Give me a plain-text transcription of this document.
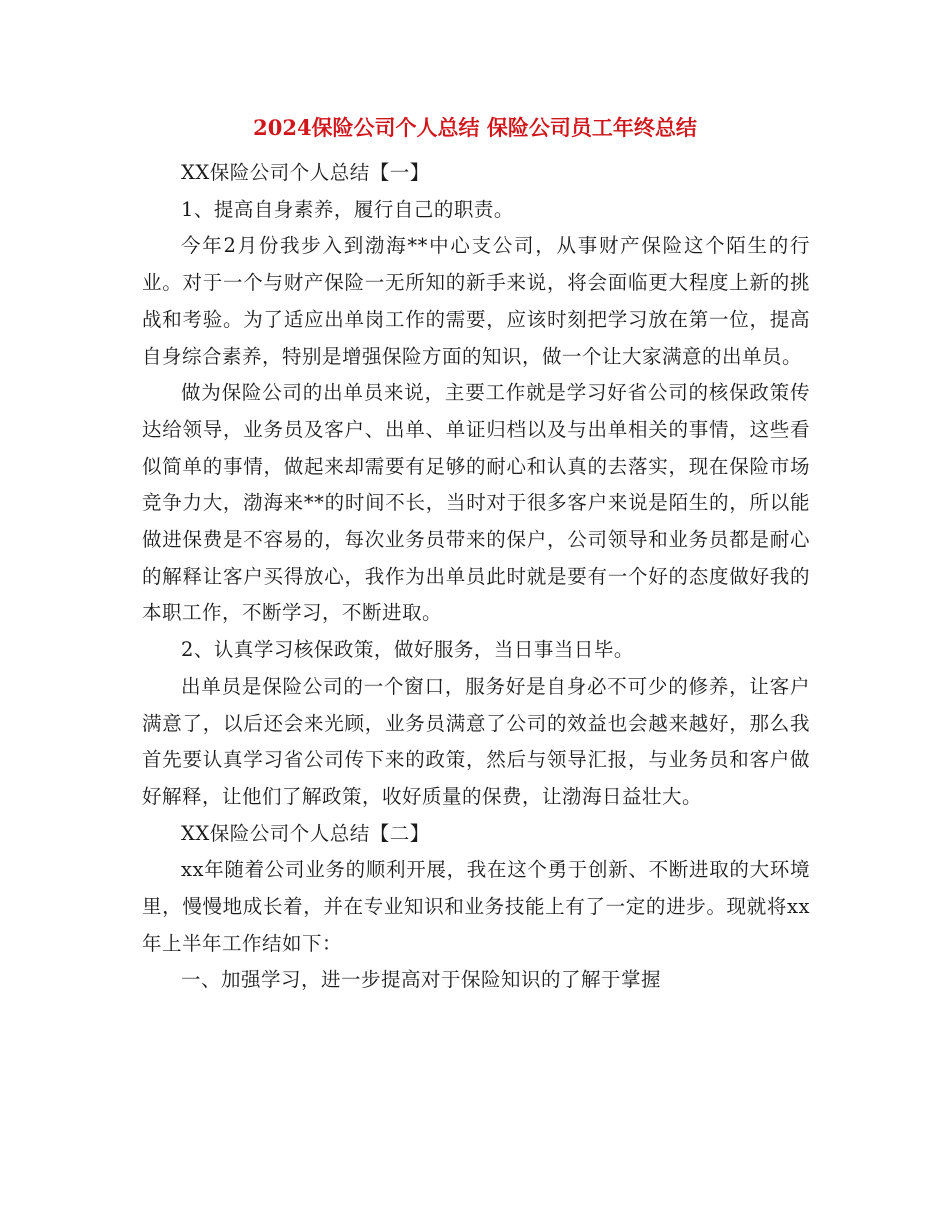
2024保险公司个人总结 保险公司员工年终总结

XX保险公司个人总结【一】

1、提高自身素养，履行自己的职责。

今年2月份我步入到渤海**中心支公司，从事财产保险这个陌生的行业。对于一个与财产保险一无所知的新手来说，将会面临更大程度上新的挑战和考验。为了适应出单岗工作的需要，应该时刻把学习放在第一位，提高自身综合素养，特别是增强保险方面的知识，做一个让大家满意的出单员。

做为保险公司的出单员来说，主要工作就是学习好省公司的核保政策传达给领导，业务员及客户、出单、单证归档以及与出单相关的事情，这些看似简单的事情，做起来却需要有足够的耐心和认真的去落实，现在保险市场竞争力大，渤海来**的时间不长，当时对于很多客户来说是陌生的，所以能做进保费是不容易的，每次业务员带来的保户，公司领导和业务员都是耐心的解释让客户买得放心，我作为出单员此时就是要有一个好的态度做好我的本职工作，不断学习，不断进取。

2、认真学习核保政策，做好服务，当日事当日毕。

出单员是保险公司的一个窗口，服务好是自身必不可少的修养，让客户满意了，以后还会来光顾，业务员满意了公司的效益也会越来越好，那么我首先要认真学习省公司传下来的政策，然后与领导汇报，与业务员和客户做好解释，让他们了解政策，收好质量的保费，让渤海日益壮大。

XX保险公司个人总结【二】

xx年随着公司业务的顺利开展，我在这个勇于创新、不断进取的大环境里，慢慢地成长着，并在专业知识和业务技能上有了一定的进步。现就将xx年上半年工作结如下：

一、加强学习，进一步提高对于保险知识的了解于掌握
